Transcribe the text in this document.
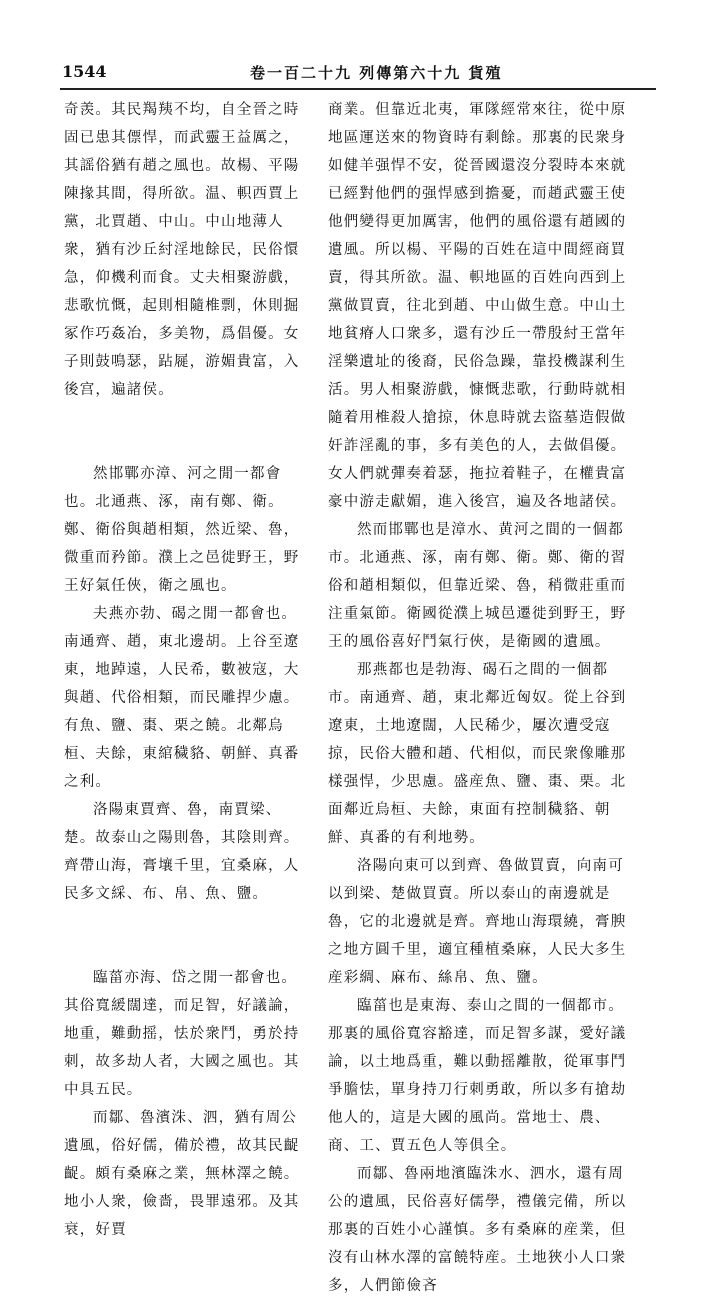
1544	卷一百二十九 列傳第六十九 貨殖

奇羡。其民羯羠不均，自全晉之時固已患其僄悍，而武靈王益厲之，其謡俗猶有趙之風也。故楊、平陽陳掾其間，得所欲。温、軹西賈上黨，北賈趙、中山。中山地薄人衆，猶有沙丘紂淫地餘民，民俗懁急，仰機利而食。丈夫相聚游戲，悲歌忼慨，起則相隨椎剽，休則掘冢作巧姦冶，多美物，爲倡優。女子則鼓鳴瑟，跕屣，游媚貴富，入後宫，遍諸侯。

然邯鄲亦漳、河之閒一都會也。北通燕、涿，南有鄭、衛。鄭、衛俗與趙相類，然近梁、魯，微重而矜節。濮上之邑徙野王，野王好氣任俠，衛之風也。

夫燕亦勃、碣之閒一都會也。南通齊、趙，東北邊胡。上谷至遼東，地踔遠，人民希，數被寇，大與趙、代俗相類，而民雕捍少慮。有魚、鹽、棗、栗之饒。北鄰烏桓、夫餘，東綰穢貉、朝鮮、真番之利。

洛陽東賈齊、魯，南賈梁、楚。故泰山之陽則魯，其陰則齊。齊帶山海，膏壤千里，宜桑麻，人民多文綵、布、帛、魚、鹽。

臨菑亦海、岱之閒一都會也。其俗寬緩闊達，而足智，好議論，地重，難動摇，怯於衆鬥，勇於持刺，故多劫人者，大國之風也。其中具五民。

而鄒、魯濱洙、泗，猶有周公遺風，俗好儒，備於禮，故其民齪齪。頗有桑麻之業，無林澤之饒。地小人衆，儉嗇，畏罪遠邪。及其衰，好賈

商業。但靠近北夷，軍隊經常來往，從中原地區運送來的物資時有剩餘。那裏的民衆身如健羊强悍不安，從晉國還沒分裂時本來就已經對他們的强悍感到擔憂，而趙武靈王使他們變得更加厲害，他們的風俗還有趙國的遺風。所以楊、平陽的百姓在這中間經商買賣，得其所欲。温、軹地區的百姓向西到上黨做買賣，往北到趙、中山做生意。中山土地貧瘠人口衆多，還有沙丘一帶殷紂王當年淫樂遺址的後裔，民俗急躁，靠投機謀利生活。男人相聚游戲，慷慨悲歌，行動時就相隨着用椎殺人搶掠，休息時就去盜墓造假做奸詐淫亂的事，多有美色的人，去做倡優。女人們就彈奏着瑟，拖拉着鞋子，在權貴富豪中游走獻媚，進入後宫，遍及各地諸侯。

然而邯鄲也是漳水、黄河之間的一個都市。北通燕、涿，南有鄭、衛。鄭、衛的習俗和趙相類似，但靠近梁、魯，稍微莊重而注重氣節。衛國從濮上城邑遷徙到野王，野王的風俗喜好鬥氣行俠，是衛國的遺風。

那燕都也是勃海、碣石之間的一個都市。南通齊、趙，東北鄰近匈奴。從上谷到遼東，土地遼闊，人民稀少，屢次遭受寇掠，民俗大體和趙、代相似，而民衆像雕那樣强悍，少思慮。盛産魚、鹽、棗、栗。北面鄰近烏桓、夫餘，東面有控制穢貉、朝鮮、真番的有利地勢。

洛陽向東可以到齊、魯做買賣，向南可以到梁、楚做買賣。所以泰山的南邊就是魯，它的北邊就是齊。齊地山海環繞，膏腴之地方圓千里，適宜種植桑麻，人民大多生産彩綢、麻布、絲帛、魚、鹽。

臨菑也是東海、泰山之間的一個都市。那裏的風俗寬容豁達，而足智多謀，愛好議論，以土地爲重，難以動摇離散，從軍事鬥爭膽怯，單身持刀行刺勇敢，所以多有搶劫他人的，這是大國的風尚。當地士、農、商、工、賈五色人等俱全。

而鄒、魯兩地濱臨洙水、泗水，還有周公的遺風，民俗喜好儒學，禮儀完備，所以那裏的百姓小心謹慎。多有桑麻的産業，但沒有山林水澤的富饒特産。土地狹小人口衆多，人們節儉吝
